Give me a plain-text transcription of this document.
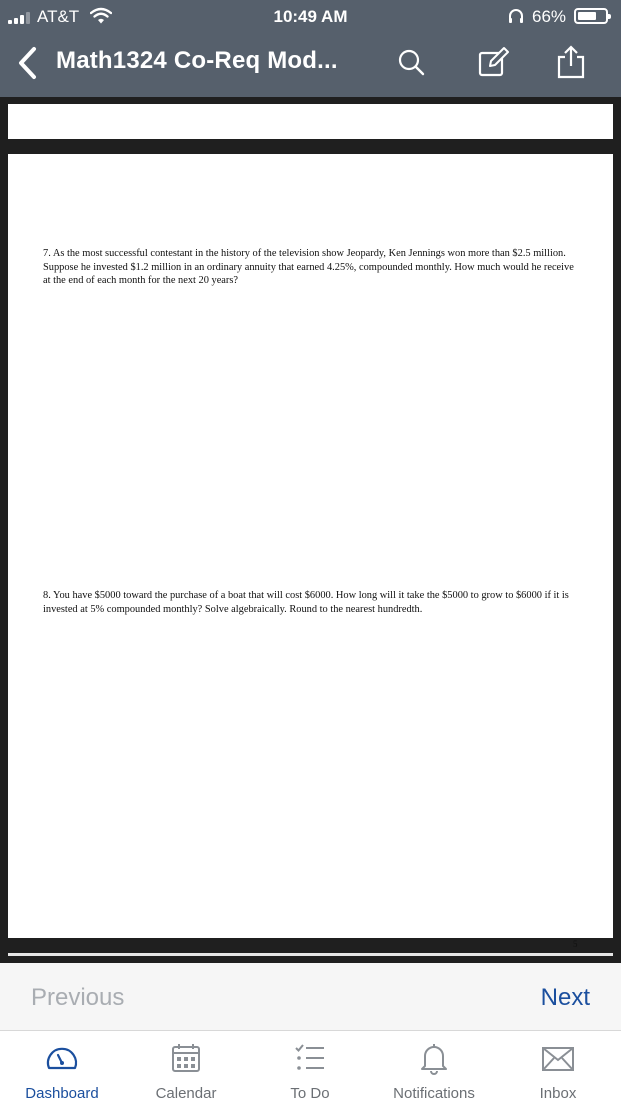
AT&T	10:49 AM	66%
Math1324 Co-Req Mod...
7. As the most successful contestant in the history of the television show Jeopardy, Ken Jennings won more than $2.5 million. Suppose he invested $1.2 million in an ordinary annuity that earned 4.25%, compounded monthly. How much would he receive at the end of each month for the next 20 years?
8. You have $5000 toward the purchase of a boat that will cost $6000. How long will it take the $5000 to grow to $6000 if it is invested at 5% compounded monthly? Solve algebraically. Round to the nearest hundredth.
5
Previous	Next
Dashboard	Calendar	To Do	Notifications	Inbox
